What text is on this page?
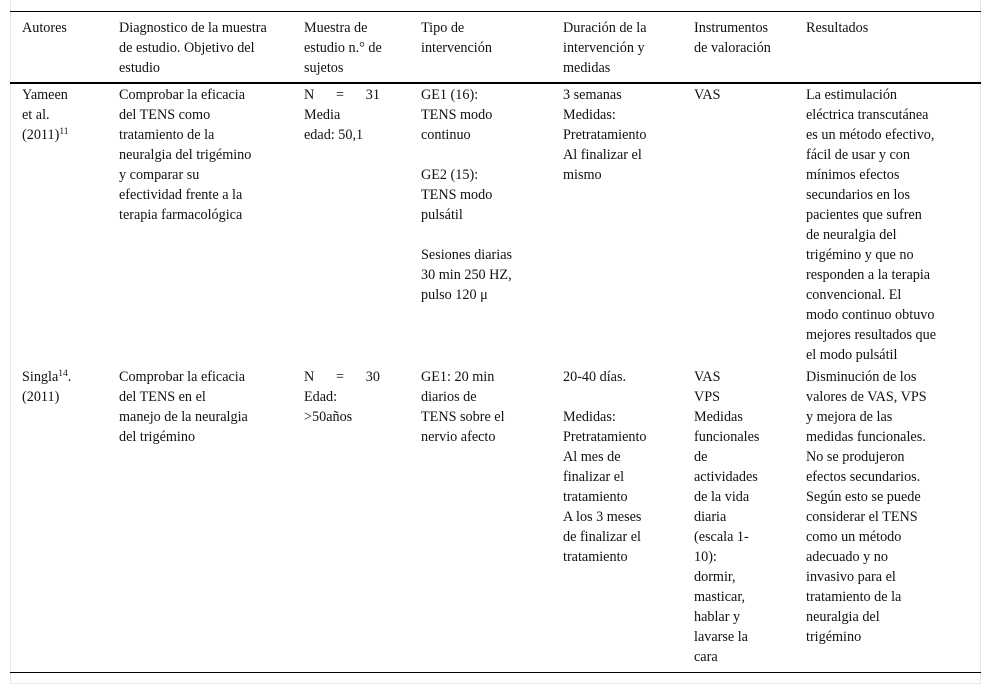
Autores	Diagnostico de la muestra
de estudio. Objetivo del
estudio
Muestra de
estudio n.° de
sujetos
Tipo de
intervención
Duración de la
intervención y
medidas
Instrumentos
de valoración
Resultados
Yameen
et al.
$(2011)^{11}$
Comprobar la eficacia
del TENS como
tratamiento de la
neuralgia del trigémino
y comparar su
efectividad frente a la
terapia farmacológica
N = 31
Media
edad: 50,1
GE1 (16):
TENS modo
continuo

GE2 (15):
TENS modo
pulsátil

Sesiones diarias
30 min 250 HZ,
pulso 120 μ
3 semanas
Medidas:
Pretratamiento
Al finalizar el
mismo
VAS	La estimulación
eléctrica transcutánea
es un método efectivo,
fácil de usar y con
mínimos efectos
secundarios en los
pacientes que sufren
de neuralgia del
trigémino y que no
responden a la terapia
convencional. El
modo continuo obtuvo
mejores resultados que
el modo pulsátil
Singla$^{14}$.
(2011)
Comprobar la eficacia
del TENS en el
manejo de la neuralgia
del trigémino
N = 30
Edad:
>50años
GE1: 20 min
diarios de
TENS sobre el
nervio afecto
20-40 días.

Medidas:
Pretratamiento
Al mes de
finalizar el
tratamiento
A los 3 meses
de finalizar el
tratamiento
VAS
VPS
Medidas
funcionales
de
actividades
de la vida
diaria
(escala 1-
10):
dormir,
masticar,
hablar y
lavarse la
cara
Disminución de los
valores de VAS, VPS
y mejora de las
medidas funcionales.
No se produjeron
efectos secundarios.
Según esto se puede
considerar el TENS
como un método
adecuado y no
invasivo para el
tratamiento de la
neuralgia del
trigémino
